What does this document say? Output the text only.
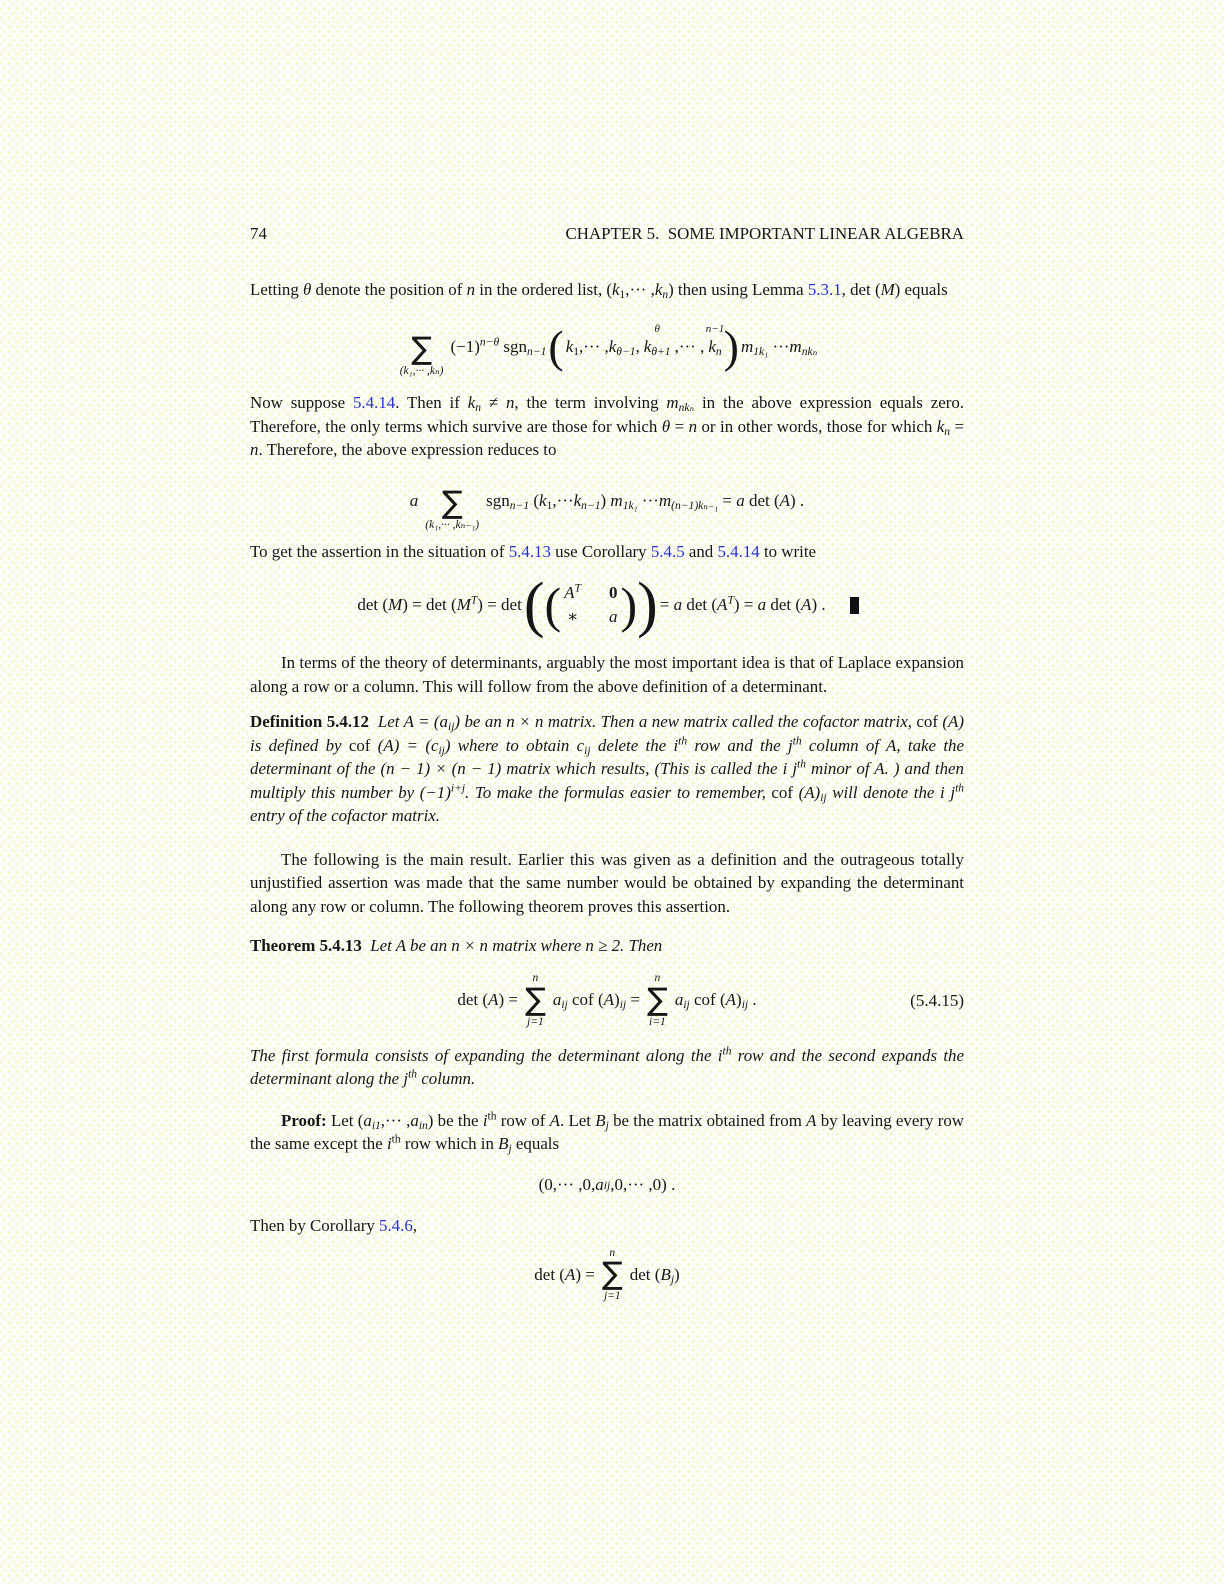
74	CHAPTER 5.  SOME IMPORTANT LINEAR ALGEBRA

Letting θ denote the position of n in the ordered list, $(k_1,\cdot\cdot\cdot ,k_n)$ then using Lemma 5.3.1, det (M) equals

∑
(k₁,··· ,kₙ)
$(-1)^{n-\theta}$ sgn$_{n-1}$ ( $k_1,\cdot\cdot\cdot ,k_{\theta-1}$,
θ
$k_{\theta+1}$ ,··· ,
n−1
$k_n$ ) $m_{1k_1} \cdot\cdot\cdot m_{nk_n}$

Now suppose 5.4.14. Then if $k_n \ne n$, the term involving $m_{nk_n}$ in the above expression equals zero. Therefore, the only terms which survive are those for which θ = n or in other words, those for which $k_n = n$. Therefore, the above expression reduces to

a ∑
(k₁,··· ,kₙ₋₁)
sgn$_{n-1}$ $(k_1,\cdot\cdot\cdot k_{n-1})$ $m_{1k_1} \cdot\cdot\cdot m_{(n-1)k_{n-1}} = a$ det (A) .

To get the assertion in the situation of 5.4.13 use Corollary 5.4.5 and 5.4.14 to write

$\det (M) = \det (M^T) = \det$ ( ( $A^T$ 0
∗ a ) ) = a $\det (A^T) = a$ det (A) .

In terms of the theory of determinants, arguably the most important idea is that of Laplace expansion along a row or a column. This will follow from the above definition of a determinant.

Definition 5.4.12  Let $A = (a_{ij})$ be an n × n matrix. Then a new matrix called the cofactor matrix, cof (A) is defined by cof $(A) = (c_{ij})$ where to obtain $c_{ij}$ delete the $i^{th}$ row and the $j^{th}$ column of A, take the determinant of the (n − 1) × (n − 1) matrix which results, (This is called the i $j^{th}$ minor of A. ) and then multiply this number by $(-1)^{i+j}$. To make the formulas easier to remember, cof $(A)_{ij}$ will denote the i $j^{th}$ entry of the cofactor matrix.

The following is the main result. Earlier this was given as a definition and the outrageous totally unjustified assertion was made that the same number would be obtained by expanding the determinant along any row or column. The following theorem proves this assertion.

Theorem 5.4.13  Let A be an n × n matrix where n ≥ 2. Then

det (A) =
n
∑
j=1
$a_{ij}$ cof $(A)_{ij}$ =
n
∑
i=1
$a_{ij}$ cof $(A)_{ij}$ .	(5.4.15)

The first formula consists of expanding the determinant along the $i^{th}$ row and the second expands the determinant along the $j^{th}$ column.

Proof: Let $(a_{i1},\cdot\cdot\cdot ,a_{in})$ be the $i^{th}$ row of A. Let $B_j$ be the matrix obtained from A by leaving every row the same except the $i^{th}$ row which in $B_j$ equals

(0,··· ,0, a ij ,0,··· ,0) .

Then by Corollary 5.4.6,

det (A) =
n
∑
j=1
$\det (B_j)$
